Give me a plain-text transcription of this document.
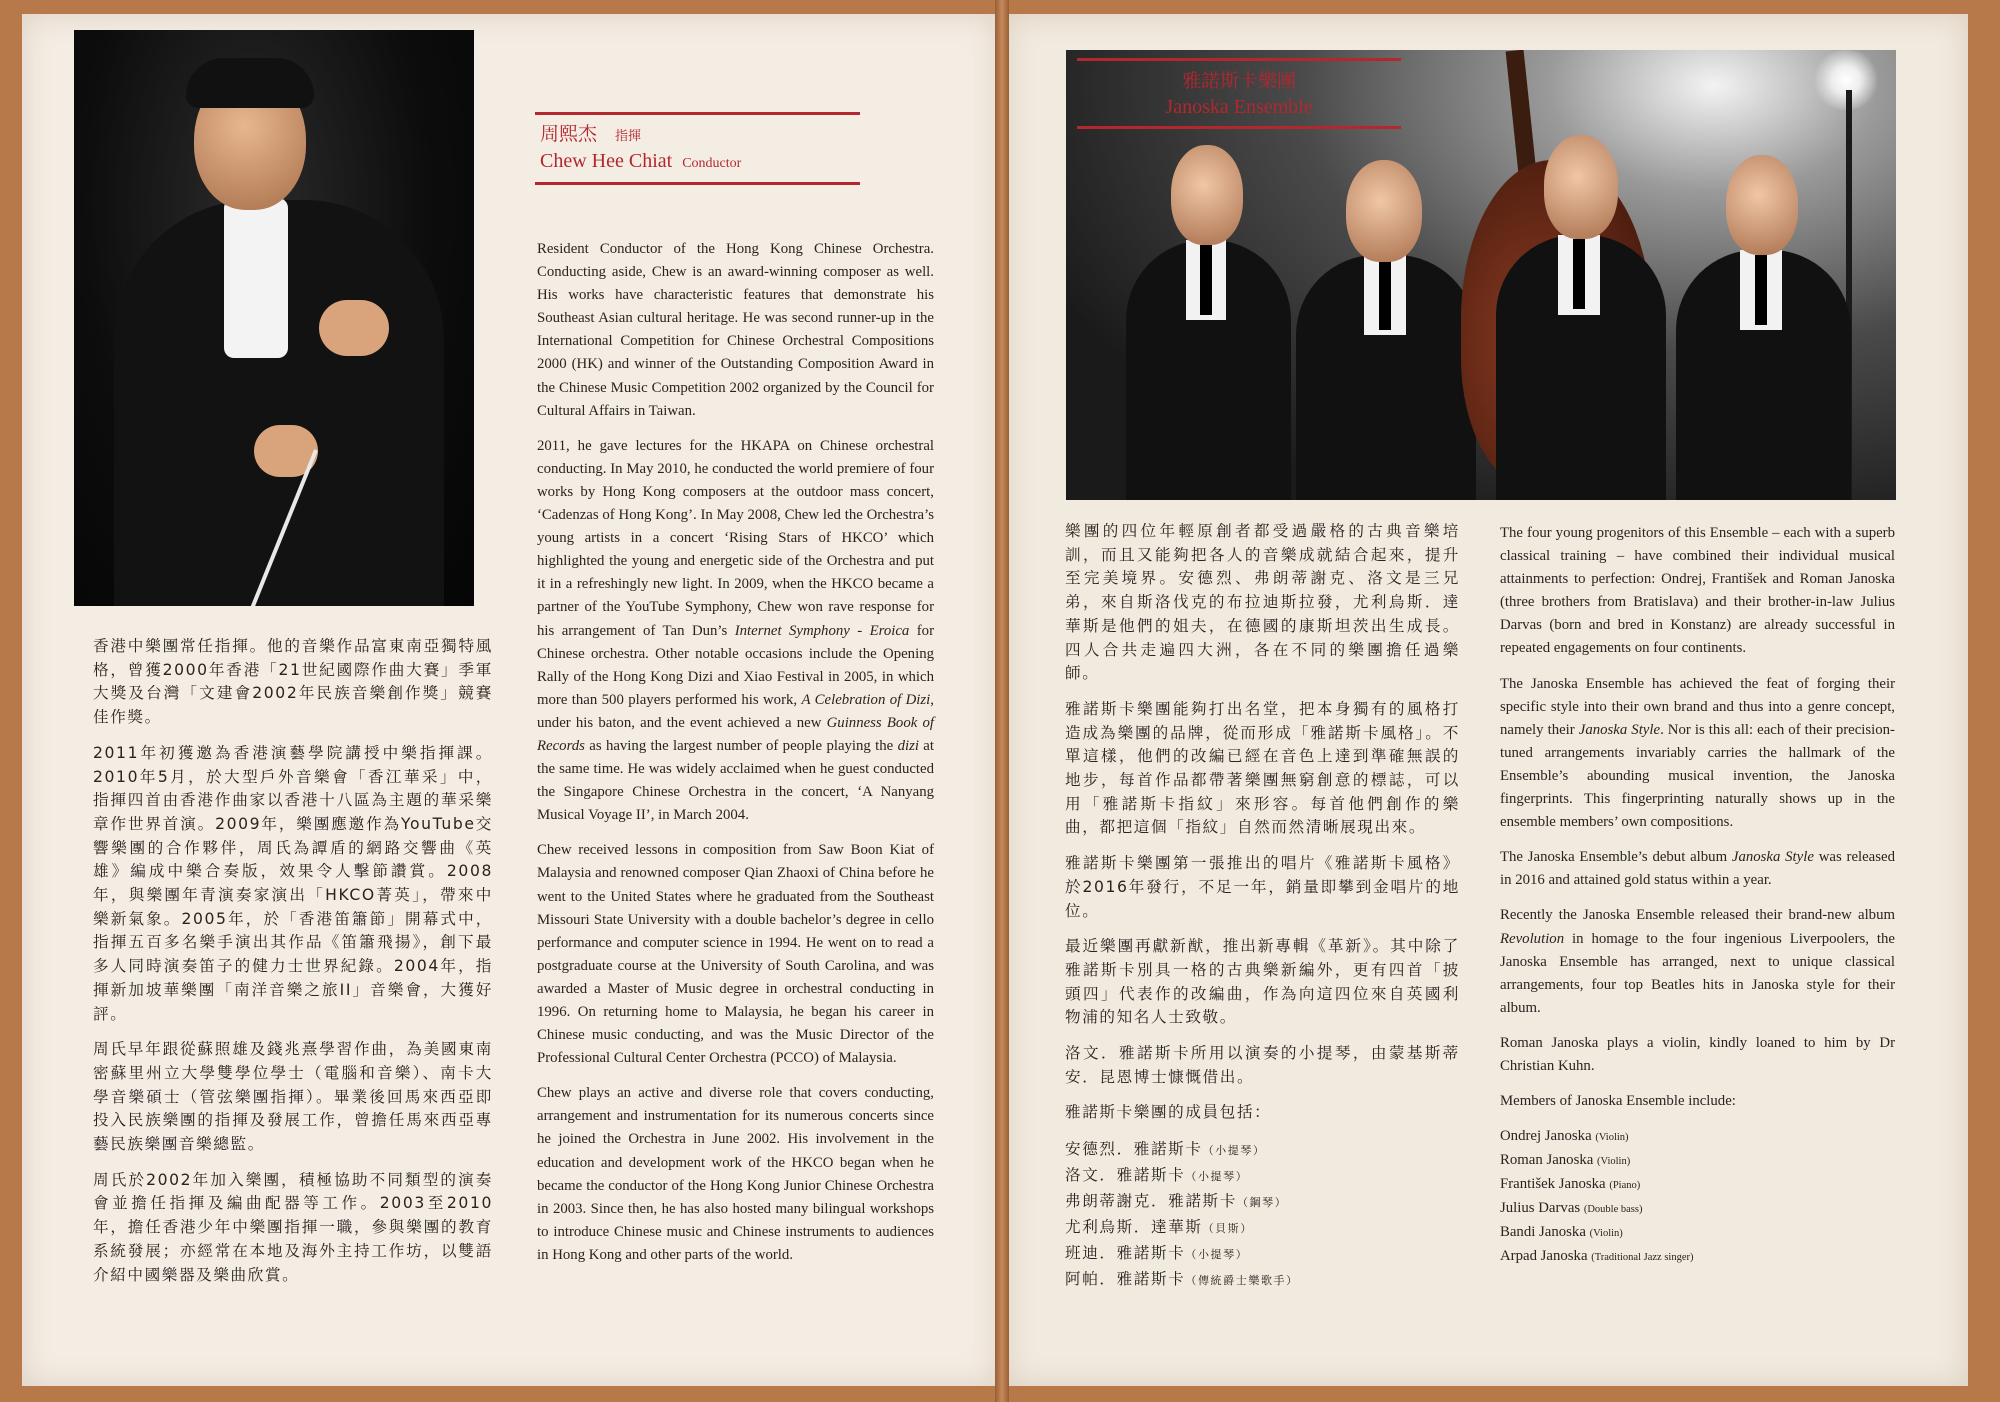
周熙杰 指揮
Chew Hee Chiat Conductor

香港中樂團常任指揮。他的音樂作品富東南亞獨特風格，曾獲2000年香港「21世紀國際作曲大賽」季軍大獎及台灣「文建會2002年民族音樂創作獎」競賽佳作獎。

2011年初獲邀為香港演藝學院講授中樂指揮課。2010年5月，於大型戶外音樂會「香江華采」中，指揮四首由香港作曲家以香港十八區為主題的華采樂章作世界首演。2009年，樂團應邀作為YouTube交響樂團的合作夥伴，周氏為譚盾的網路交響曲《英雄》編成中樂合奏版，效果令人擊節讚賞。2008年，與樂團年青演奏家演出「HKCO菁英」，帶來中樂新氣象。2005年，於「香港笛簫節」開幕式中，指揮五百多名樂手演出其作品《笛簫飛揚》，創下最多人同時演奏笛子的健力士世界紀錄。2004年，指揮新加坡華樂團「南洋音樂之旅II」音樂會，大獲好評。

周氏早年跟從蘇照雄及錢兆熹學習作曲，為美國東南密蘇里州立大學雙學位學士（電腦和音樂）、南卡大學音樂碩士（管弦樂團指揮）。畢業後回馬來西亞即投入民族樂團的指揮及發展工作，曾擔任馬來西亞專藝民族樂團音樂總監。

周氏於2002年加入樂團，積極協助不同類型的演奏會並擔任指揮及編曲配器等工作。2003至2010年，擔任香港少年中樂團指揮一職，參與樂團的教育系統發展；亦經常在本地及海外主持工作坊，以雙語介紹中國樂器及樂曲欣賞。

Resident Conductor of the Hong Kong Chinese Orchestra. Conducting aside, Chew is an award-winning composer as well. His works have characteristic features that demonstrate his Southeast Asian cultural heritage. He was second runner-up in the International Competition for Chinese Orchestral Compositions 2000 (HK) and winner of the Outstanding Composition Award in the Chinese Music Competition 2002 organized by the Council for Cultural Affairs in Taiwan.

2011, he gave lectures for the HKAPA on Chinese orchestral conducting. In May 2010, he conducted the world premiere of four works by Hong Kong composers at the outdoor mass concert, ‘Cadenzas of Hong Kong’. In May 2008, Chew led the Orchestra’s young artists in a concert ‘Rising Stars of HKCO’ which highlighted the young and energetic side of the Orchestra and put it in a refreshingly new light. In 2009, when the HKCO became a partner of the YouTube Symphony, Chew won rave response for his arrangement of Tan Dun’s Internet Symphony - Eroica for Chinese orchestra. Other notable occasions include the Opening Rally of the Hong Kong Dizi and Xiao Festival in 2005, in which more than 500 players performed his work, A Celebration of Dizi, under his baton, and the event achieved a new Guinness Book of Records as having the largest number of people playing the dizi at the same time. He was widely acclaimed when he guest conducted the Singapore Chinese Orchestra in the concert, ‘A Nanyang Musical Voyage II’, in March 2004.

Chew received lessons in composition from Saw Boon Kiat of Malaysia and renowned composer Qian Zhaoxi of China before he went to the United States where he graduated from the Southeast Missouri State University with a double bachelor’s degree in cello performance and computer science in 1994. He went on to read a postgraduate course at the University of South Carolina, and was awarded a Master of Music degree in orchestral conducting in 1996. On returning home to Malaysia, he began his career in Chinese music conducting, and was the Music Director of the Professional Cultural Center Orchestra (PCCO) of Malaysia.

Chew plays an active and diverse role that covers conducting, arrangement and instrumentation for its numerous concerts since he joined the Orchestra in June 2002. His involvement in the education and development work of the HKCO began when he became the conductor of the Hong Kong Junior Chinese Orchestra in 2003. Since then, he has also hosted many bilingual workshops to introduce Chinese music and Chinese instruments to audiences in Hong Kong and other parts of the world.

雅諾斯卡樂團
Janoska Ensemble

樂團的四位年輕原創者都受過嚴格的古典音樂培訓，而且又能夠把各人的音樂成就結合起來，提升至完美境界。安德烈、弗朗蒂謝克、洛文是三兄弟，來自斯洛伐克的布拉迪斯拉發，尤利烏斯．達華斯是他們的姐夫，在德國的康斯坦茨出生成長。四人合共走遍四大洲，各在不同的樂團擔任過樂師。

雅諾斯卡樂團能夠打出名堂，把本身獨有的風格打造成為樂團的品牌，從而形成「雅諾斯卡風格」。不單這樣，他們的改編已經在音色上達到準確無誤的地步，每首作品都帶著樂團無窮創意的標誌，可以用「雅諾斯卡指紋」來形容。每首他們創作的樂曲，都把這個「指紋」自然而然清晰展現出來。

雅諾斯卡樂團第一張推出的唱片《雅諾斯卡風格》於2016年發行，不足一年，銷量即攀到金唱片的地位。

最近樂團再獻新猷，推出新專輯《革新》。其中除了雅諾斯卡別具一格的古典樂新編外，更有四首「披頭四」代表作的改編曲，作為向這四位來自英國利物浦的知名人士致敬。

洛文．雅諾斯卡所用以演奏的小提琴，由蒙基斯蒂安．昆恩博士慷慨借出。

雅諾斯卡樂團的成員包括：

安德烈．雅諾斯卡（小提琴）
洛文．雅諾斯卡（小提琴）
弗朗蒂謝克．雅諾斯卡（鋼琴）
尤利烏斯．達華斯（貝斯）
班迪．雅諾斯卡（小提琴）
阿帕．雅諾斯卡（傳統爵士樂歌手）

The four young progenitors of this Ensemble – each with a superb classical training – have combined their individual musical attainments to perfection: Ondrej, František and Roman Janoska (three brothers from Bratislava) and their brother-in-law Julius Darvas (born and bred in Konstanz) are already successful in repeated engagements on four continents.

The Janoska Ensemble has achieved the feat of forging their specific style into their own brand and thus into a genre concept, namely their Janoska Style. Nor is this all: each of their precision-tuned arrangements invariably carries the hallmark of the Ensemble’s abounding musical invention, the Janoska fingerprints. This fingerprinting naturally shows up in the ensemble members’ own compositions.

The Janoska Ensemble’s debut album Janoska Style was released in 2016 and attained gold status within a year.

Recently the Janoska Ensemble released their brand-new album Revolution in homage to the four ingenious Liverpoolers, the Janoska Ensemble has arranged, next to unique classical arrangements, four top Beatles hits in Janoska style for their album.

Roman Janoska plays a violin, kindly loaned to him by Dr Christian Kuhn.

Members of Janoska Ensemble include:

Ondrej Janoska (Violin)
Roman Janoska (Violin)
František Janoska (Piano)
Julius Darvas (Double bass)
Bandi Janoska (Violin)
Arpad Janoska (Traditional Jazz singer)
